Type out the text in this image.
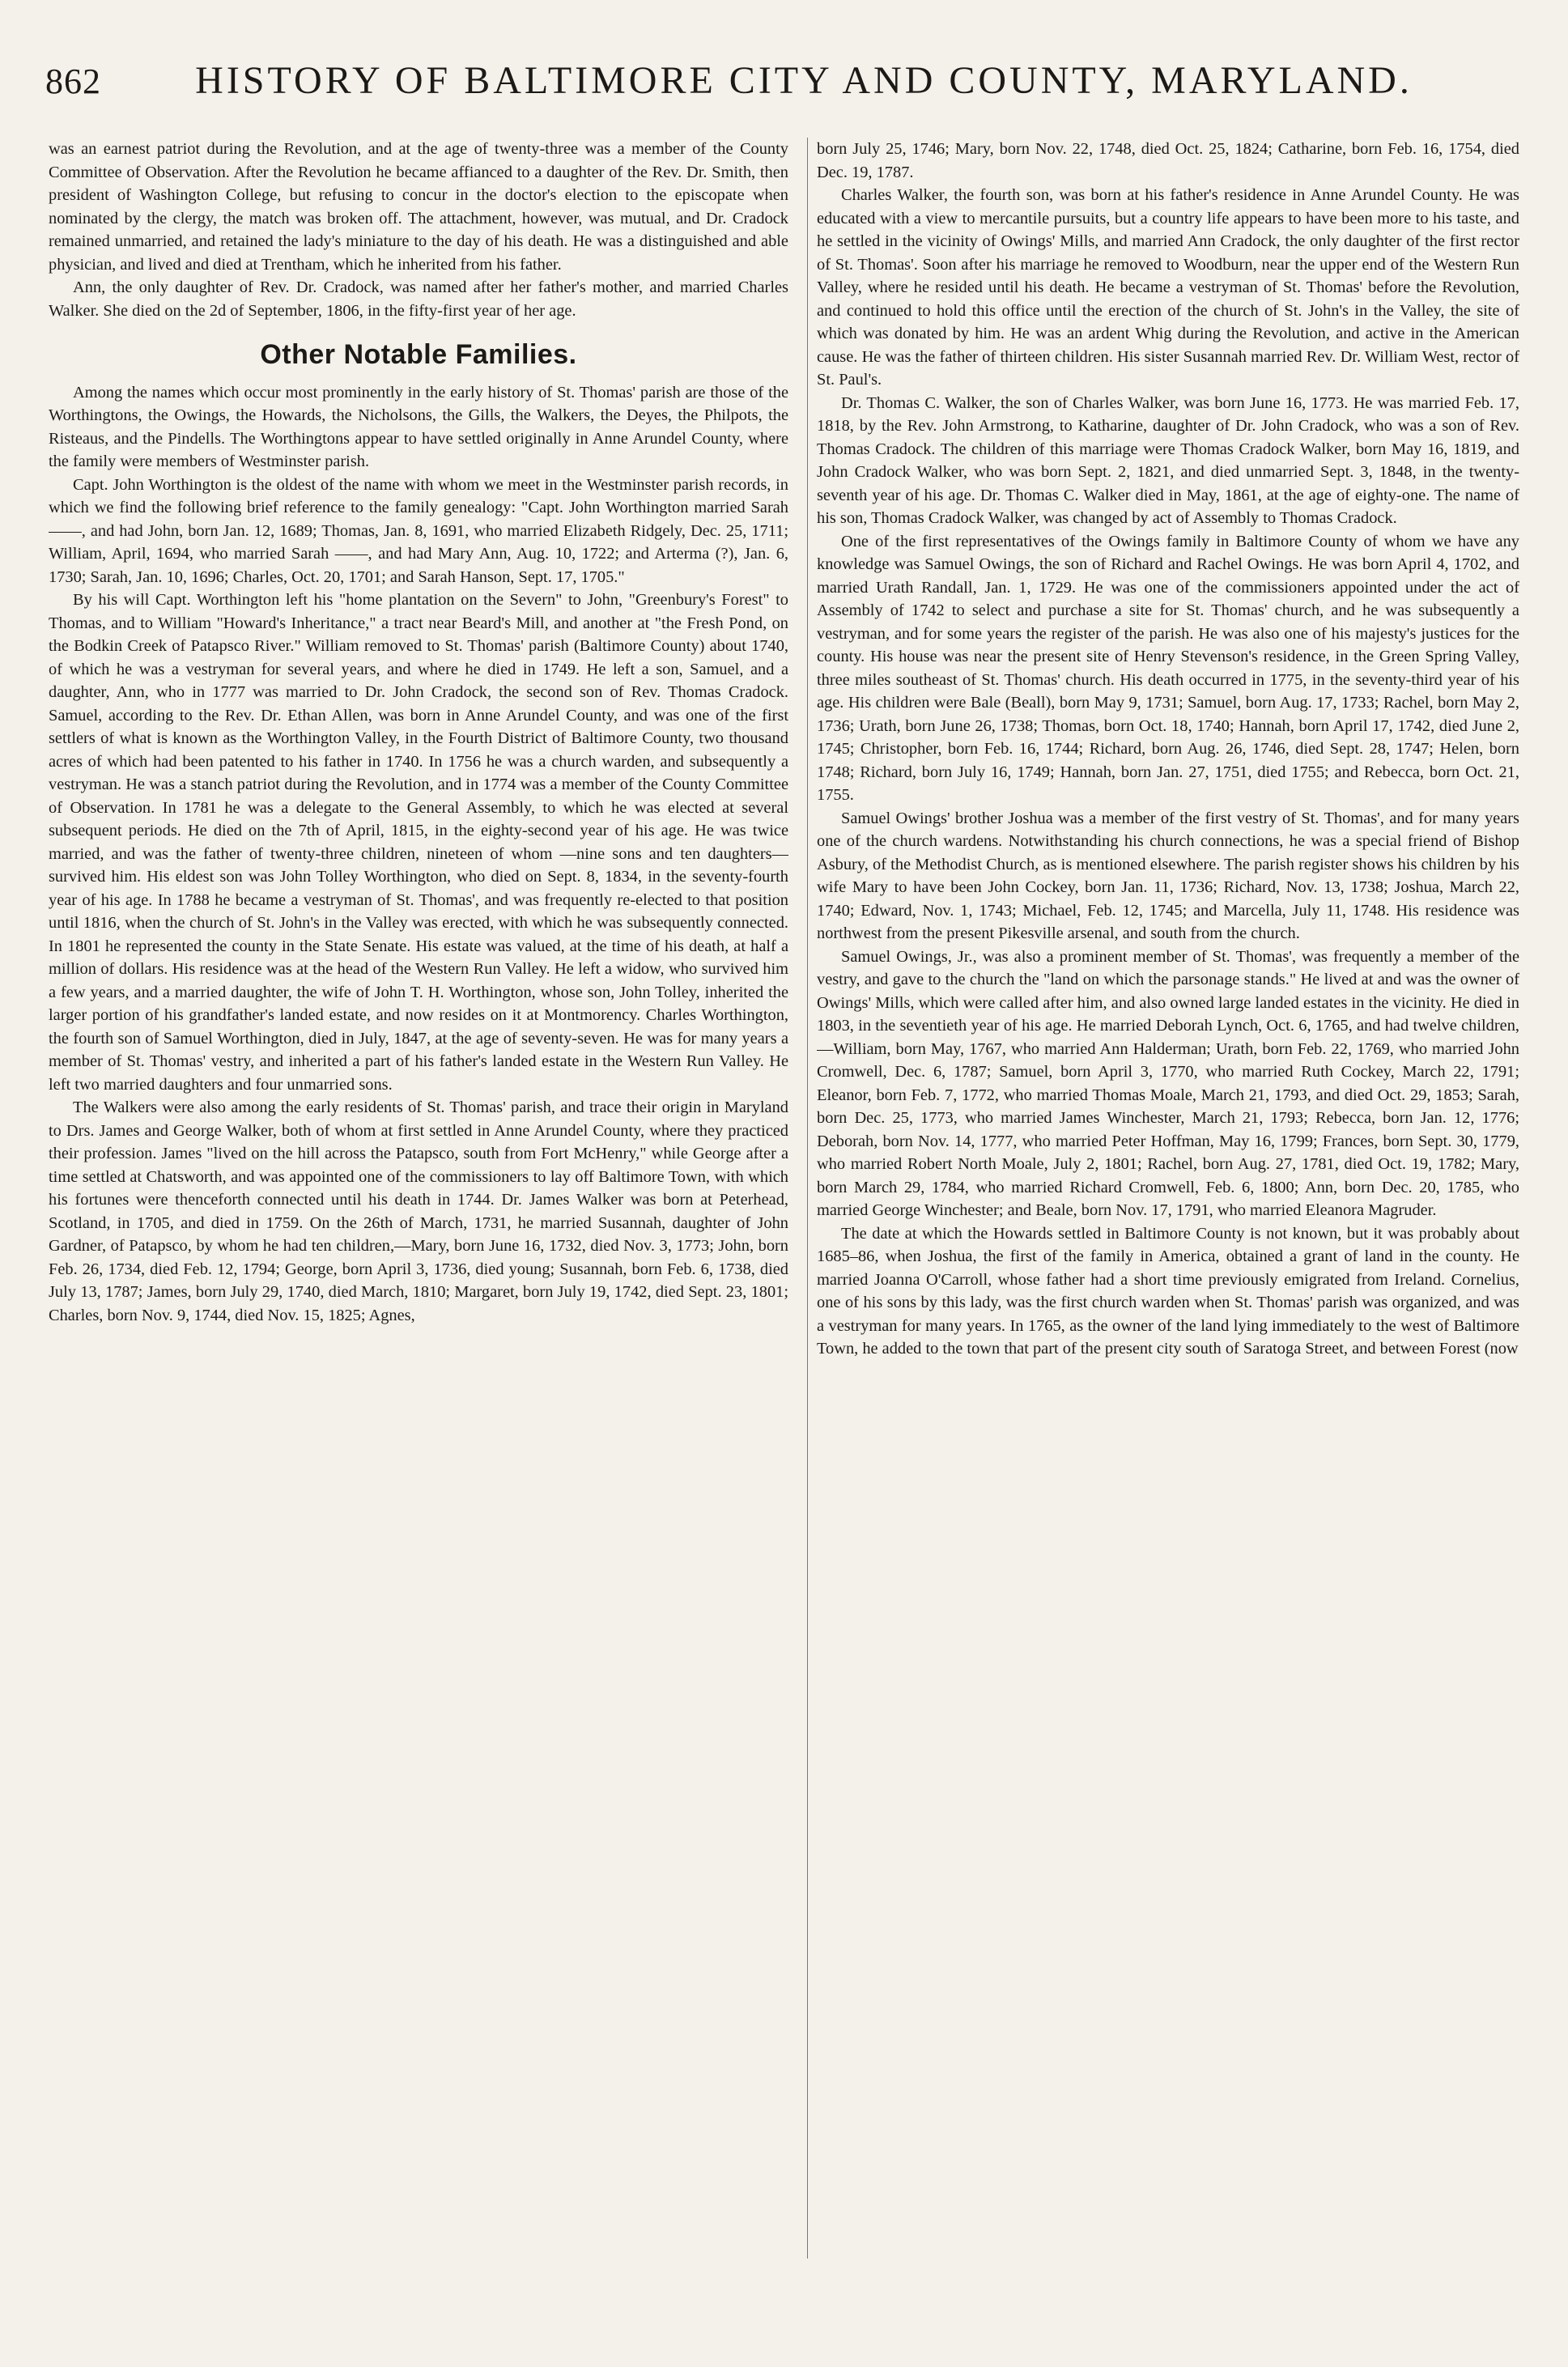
862	HISTORY OF BALTIMORE CITY AND COUNTY, MARYLAND.

was an earnest patriot during the Revolution, and at the age of twenty-three was a member of the County Committee of Observation. After the Revolution he became affianced to a daughter of the Rev. Dr. Smith, then president of Washington College, but refusing to concur in the doctor's election to the episcopate when nominated by the clergy, the match was broken off. The attachment, however, was mutual, and Dr. Cradock remained unmarried, and retained the lady's miniature to the day of his death. He was a distinguished and able physician, and lived and died at Trentham, which he inherited from his father.

Ann, the only daughter of Rev. Dr. Cradock, was named after her father's mother, and married Charles Walker. She died on the 2d of September, 1806, in the fifty-first year of her age.

Other Notable Families.

Among the names which occur most prominently in the early history of St. Thomas' parish are those of the Worthingtons, the Owings, the Howards, the Nicholsons, the Gills, the Walkers, the Deyes, the Philpots, the Risteaus, and the Pindells. The Worthingtons appear to have settled originally in Anne Arundel County, where the family were members of Westminster parish.

Capt. John Worthington is the oldest of the name with whom we meet in the Westminster parish records, in which we find the following brief reference to the family genealogy: "Capt. John Worthington married Sarah ——, and had John, born Jan. 12, 1689; Thomas, Jan. 8, 1691, who married Elizabeth Ridgely, Dec. 25, 1711; William, April, 1694, who married Sarah ——, and had Mary Ann, Aug. 10, 1722; and Arterma (?), Jan. 6, 1730; Sarah, Jan. 10, 1696; Charles, Oct. 20, 1701; and Sarah Hanson, Sept. 17, 1705."

By his will Capt. Worthington left his "home plantation on the Severn" to John, "Greenbury's Forest" to Thomas, and to William "Howard's Inheritance," a tract near Beard's Mill, and another at "the Fresh Pond, on the Bodkin Creek of Patapsco River." William removed to St. Thomas' parish (Baltimore County) about 1740, of which he was a vestryman for several years, and where he died in 1749. He left a son, Samuel, and a daughter, Ann, who in 1777 was married to Dr. John Cradock, the second son of Rev. Thomas Cradock. Samuel, according to the Rev. Dr. Ethan Allen, was born in Anne Arundel County, and was one of the first settlers of what is known as the Worthington Valley, in the Fourth District of Baltimore County, two thousand acres of which had been patented to his father in 1740. In 1756 he was a church warden, and subsequently a vestryman. He was a stanch patriot during the Revolution, and in 1774 was a member of the County Committee of Observation. In 1781 he was a delegate to the General Assembly, to which he was elected at several subsequent periods. He died on the 7th of April, 1815, in the eighty-second year of his age. He was twice married, and was the father of twenty-three children, nineteen of whom —nine sons and ten daughters—survived him. His eldest son was John Tolley Worthington, who died on Sept. 8, 1834, in the seventy-fourth year of his age. In 1788 he became a vestryman of St. Thomas', and was frequently re-elected to that position until 1816, when the church of St. John's in the Valley was erected, with which he was subsequently connected. In 1801 he represented the county in the State Senate. His estate was valued, at the time of his death, at half a million of dollars. His residence was at the head of the Western Run Valley. He left a widow, who survived him a few years, and a married daughter, the wife of John T. H. Worthington, whose son, John Tolley, inherited the larger portion of his grandfather's landed estate, and now resides on it at Montmorency. Charles Worthington, the fourth son of Samuel Worthington, died in July, 1847, at the age of seventy-seven. He was for many years a member of St. Thomas' vestry, and inherited a part of his father's landed estate in the Western Run Valley. He left two married daughters and four unmarried sons.

The Walkers were also among the early residents of St. Thomas' parish, and trace their origin in Maryland to Drs. James and George Walker, both of whom at first settled in Anne Arundel County, where they practiced their profession. James "lived on the hill across the Patapsco, south from Fort McHenry," while George after a time settled at Chatsworth, and was appointed one of the commissioners to lay off Baltimore Town, with which his fortunes were thenceforth connected until his death in 1744. Dr. James Walker was born at Peterhead, Scotland, in 1705, and died in 1759. On the 26th of March, 1731, he married Susannah, daughter of John Gardner, of Patapsco, by whom he had ten children,—Mary, born June 16, 1732, died Nov. 3, 1773; John, born Feb. 26, 1734, died Feb. 12, 1794; George, born April 3, 1736, died young; Susannah, born Feb. 6, 1738, died July 13, 1787; James, born July 29, 1740, died March, 1810; Margaret, born July 19, 1742, died Sept. 23, 1801; Charles, born Nov. 9, 1744, died Nov. 15, 1825; Agnes,

born July 25, 1746; Mary, born Nov. 22, 1748, died Oct. 25, 1824; Catharine, born Feb. 16, 1754, died Dec. 19, 1787.

Charles Walker, the fourth son, was born at his father's residence in Anne Arundel County. He was educated with a view to mercantile pursuits, but a country life appears to have been more to his taste, and he settled in the vicinity of Owings' Mills, and married Ann Cradock, the only daughter of the first rector of St. Thomas'. Soon after his marriage he removed to Woodburn, near the upper end of the Western Run Valley, where he resided until his death. He became a vestryman of St. Thomas' before the Revolution, and continued to hold this office until the erection of the church of St. John's in the Valley, the site of which was donated by him. He was an ardent Whig during the Revolution, and active in the American cause. He was the father of thirteen children. His sister Susannah married Rev. Dr. William West, rector of St. Paul's.

Dr. Thomas C. Walker, the son of Charles Walker, was born June 16, 1773. He was married Feb. 17, 1818, by the Rev. John Armstrong, to Katharine, daughter of Dr. John Cradock, who was a son of Rev. Thomas Cradock. The children of this marriage were Thomas Cradock Walker, born May 16, 1819, and John Cradock Walker, who was born Sept. 2, 1821, and died unmarried Sept. 3, 1848, in the twenty-seventh year of his age. Dr. Thomas C. Walker died in May, 1861, at the age of eighty-one. The name of his son, Thomas Cradock Walker, was changed by act of Assembly to Thomas Cradock.

One of the first representatives of the Owings family in Baltimore County of whom we have any knowledge was Samuel Owings, the son of Richard and Rachel Owings. He was born April 4, 1702, and married Urath Randall, Jan. 1, 1729. He was one of the commissioners appointed under the act of Assembly of 1742 to select and purchase a site for St. Thomas' church, and he was subsequently a vestryman, and for some years the register of the parish. He was also one of his majesty's justices for the county. His house was near the present site of Henry Stevenson's residence, in the Green Spring Valley, three miles southeast of St. Thomas' church. His death occurred in 1775, in the seventy-third year of his age. His children were Bale (Beall), born May 9, 1731; Samuel, born Aug. 17, 1733; Rachel, born May 2, 1736; Urath, born June 26, 1738; Thomas, born Oct. 18, 1740; Hannah, born April 17, 1742, died June 2, 1745; Christopher, born Feb. 16, 1744; Richard, born Aug. 26, 1746, died Sept. 28, 1747; Helen, born 1748; Richard, born July 16, 1749; Hannah, born Jan. 27, 1751, died 1755; and Rebecca, born Oct. 21, 1755.

Samuel Owings' brother Joshua was a member of the first vestry of St. Thomas', and for many years one of the church wardens. Notwithstanding his church connections, he was a special friend of Bishop Asbury, of the Methodist Church, as is mentioned elsewhere. The parish register shows his children by his wife Mary to have been John Cockey, born Jan. 11, 1736; Richard, Nov. 13, 1738; Joshua, March 22, 1740; Edward, Nov. 1, 1743; Michael, Feb. 12, 1745; and Marcella, July 11, 1748. His residence was northwest from the present Pikesville arsenal, and south from the church.

Samuel Owings, Jr., was also a prominent member of St. Thomas', was frequently a member of the vestry, and gave to the church the "land on which the parsonage stands." He lived at and was the owner of Owings' Mills, which were called after him, and also owned large landed estates in the vicinity. He died in 1803, in the seventieth year of his age. He married Deborah Lynch, Oct. 6, 1765, and had twelve children, —William, born May, 1767, who married Ann Halderman; Urath, born Feb. 22, 1769, who married John Cromwell, Dec. 6, 1787; Samuel, born April 3, 1770, who married Ruth Cockey, March 22, 1791; Eleanor, born Feb. 7, 1772, who married Thomas Moale, March 21, 1793, and died Oct. 29, 1853; Sarah, born Dec. 25, 1773, who married James Winchester, March 21, 1793; Rebecca, born Jan. 12, 1776; Deborah, born Nov. 14, 1777, who married Peter Hoffman, May 16, 1799; Frances, born Sept. 30, 1779, who married Robert North Moale, July 2, 1801; Rachel, born Aug. 27, 1781, died Oct. 19, 1782; Mary, born March 29, 1784, who married Richard Cromwell, Feb. 6, 1800; Ann, born Dec. 20, 1785, who married George Winchester; and Beale, born Nov. 17, 1791, who married Eleanora Magruder.

The date at which the Howards settled in Baltimore County is not known, but it was probably about 1685–86, when Joshua, the first of the family in America, obtained a grant of land in the county. He married Joanna O'Carroll, whose father had a short time previously emigrated from Ireland. Cornelius, one of his sons by this lady, was the first church warden when St. Thomas' parish was organized, and was a vestryman for many years. In 1765, as the owner of the land lying immediately to the west of Baltimore Town, he added to the town that part of the present city south of Saratoga Street, and between Forest (now
